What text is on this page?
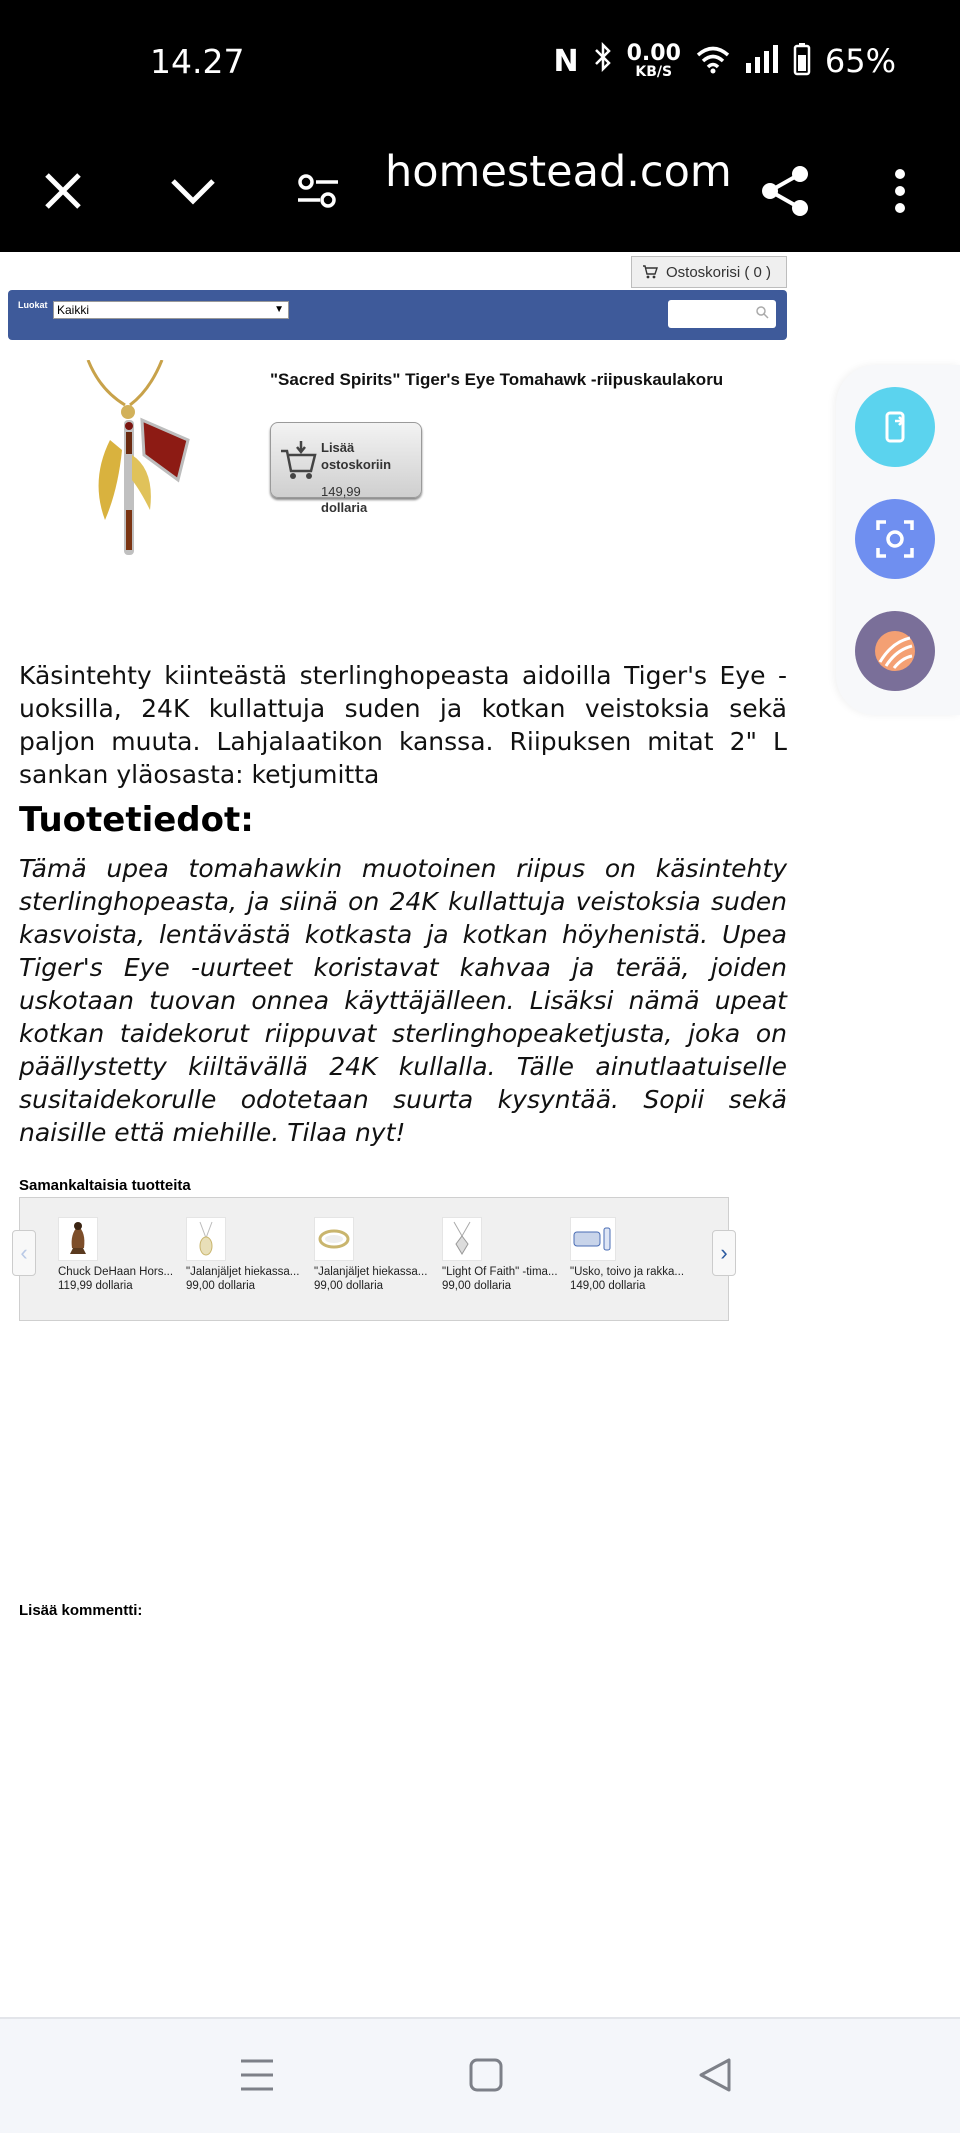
14.27	N 0.00
KB/S	65%
homestead.com
Ostoskorisi ( 0 )
Luokat Kaikki	▼
"Sacred Spirits" Tiger's Eye Tomahawk -riipuskaulakoru
Lisää
ostoskoriin
149,99
dollaria

Käsintehty kiinteästä sterlinghopeasta aidoilla Tiger's Eye -uoksilla, 24K kullattuja suden ja kotkan veistoksia sekä paljon muuta. Lahjalaatikon kanssa. Riipuksen mitat 2" L sankan yläosasta: ketjumitta

Tuotetiedot:

Tämä upea tomahawkin muotoinen riipus on käsintehty sterlinghopeasta, ja siinä on 24K kullattuja veistoksia suden kasvoista, lentävästä kotkasta ja kotkan höyhenistä. Upea Tiger's Eye -uurteet koristavat kahvaa ja terää, joiden uskotaan tuovan onnea käyttäjälleen. Lisäksi nämä upeat kotkan taidekorut riippuvat sterlinghopeaketjusta, joka on päällystetty kiiltävällä 24K kullalla. Tälle ainutlaatuiselle susitaidekorulle odotetaan suurta kysyntää. Sopii sekä naisille että miehille. Tilaa nyt!

Samankaltaisia tuotteita
‹	›
Chuck DeHaan Hors...
119,99 dollaria
"Jalanjäljet hiekassa...
99,00 dollaria
"Jalanjäljet hiekassa...
99,00 dollaria
"Light Of Faith" -tima...
99,00 dollaria
"Usko, toivo ja rakka...
149,00 dollaria
Lisää kommentti:
